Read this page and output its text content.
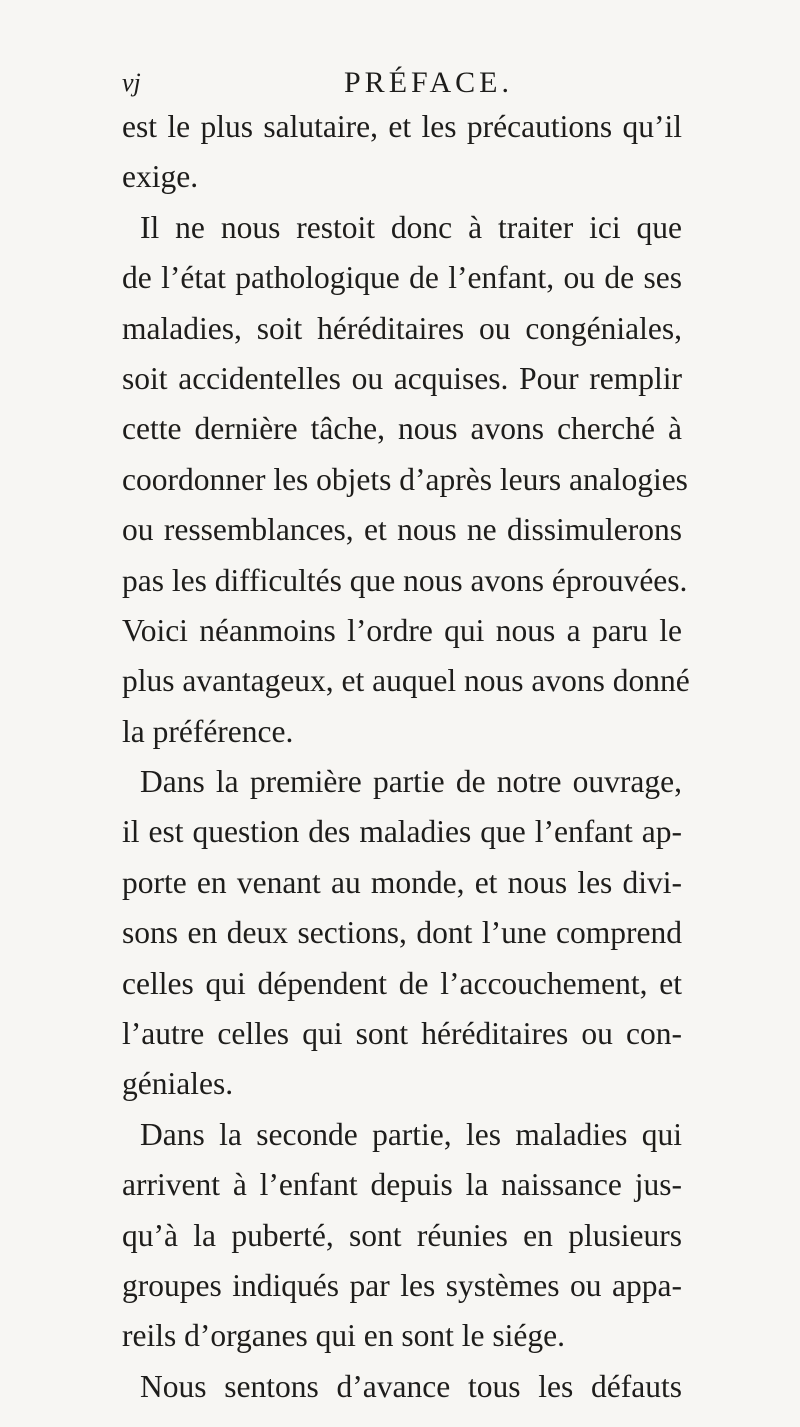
vj	PRÉFACE.
est le plus salutaire, et les précautions qu’il
exige.
Il ne nous restoit donc à traiter ici que
de l’état pathologique de l’enfant, ou de ses
maladies, soit héréditaires ou congéniales,
soit accidentelles ou acquises. Pour remplir
cette dernière tâche, nous avons cherché à
coordonner les objets d’après leurs analogies
ou ressemblances, et nous ne dissimulerons
pas les difficultés que nous avons éprouvées.
Voici néanmoins l’ordre qui nous a paru le
plus avantageux, et auquel nous avons donné
la préférence.
Dans la première partie de notre ouvrage,
il est question des maladies que l’enfant ap-
porte en venant au monde, et nous les divi-
sons en deux sections, dont l’une comprend
celles qui dépendent de l’accouchement, et
l’autre celles qui sont héréditaires ou con-
géniales.
Dans la seconde partie, les maladies qui
arrivent à l’enfant depuis la naissance jus-
qu’à la puberté, sont réunies en plusieurs
groupes indiqués par les systèmes ou appa-
reils d’organes qui en sont le siége.
Nous sentons d’avance tous les défauts
